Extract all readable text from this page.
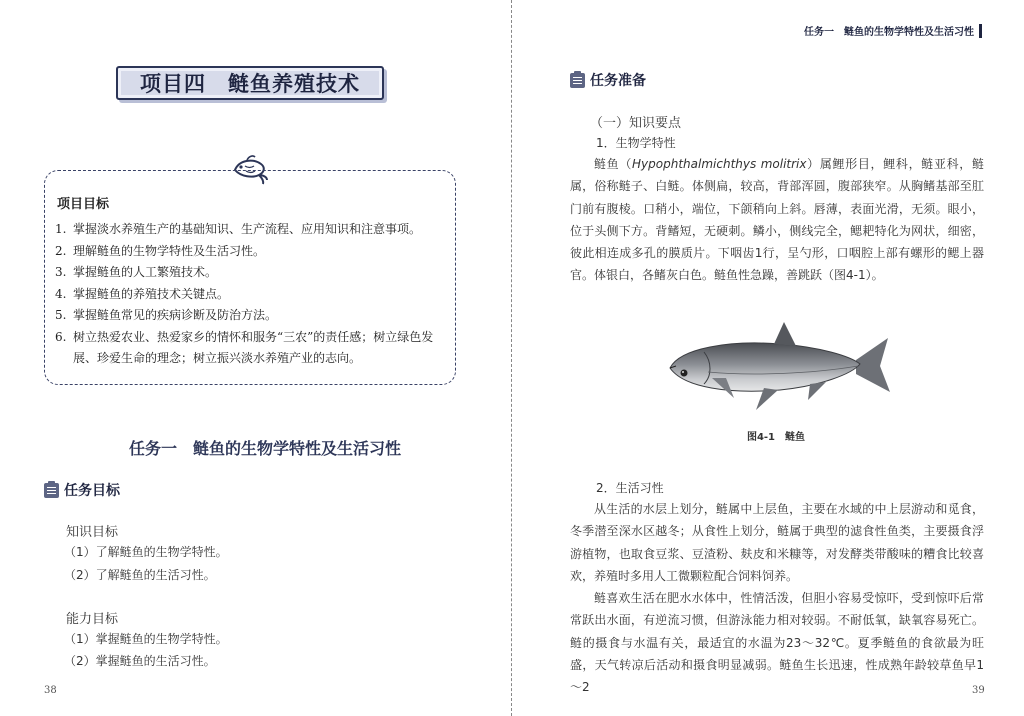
项目四　鲢鱼养殖技术
项目目标
1. 掌握淡水养殖生产的基础知识、生产流程、应用知识和注意事项。
2. 理解鲢鱼的生物学特性及生活习性。
3. 掌握鲢鱼的人工繁殖技术。
4. 掌握鲢鱼的养殖技术关键点。
5. 掌握鲢鱼常见的疾病诊断及防治方法。
6. 树立热爱农业、热爱家乡的情怀和服务“三农”的责任感；树立绿色发展、珍爱生命的理念；树立振兴淡水养殖产业的志向。
任务一　鲢鱼的生物学特性及生活习性
任务目标
知识目标
（1）了解鲢鱼的生物学特性。
（2）了解鲢鱼的生活习性。
能力目标
（1）掌握鲢鱼的生物学特性。
（2）掌握鲢鱼的生活习性。
38
任务一　鲢鱼的生物学特性及生活习性
任务准备
（一）知识要点
1．生物学特性

鲢鱼（Hypophthalmichthys molitrix）属鲤形目，鲤科，鲢亚科，鲢属，俗称鲢子、白鲢。体侧扁，较高，背部浑圆，腹部狭窄。从胸鳍基部至肛门前有腹棱。口稍小，端位，下颌稍向上斜。唇薄，表面光滑，无须。眼小，位于头侧下方。背鳍短，无硬刺。鳞小，侧线完全，鳃耙特化为网状，细密，彼此相连成多孔的膜质片。下咽齿1行，呈勺形，口咽腔上部有螺形的鳃上器官。体银白，各鳍灰白色。鲢鱼性急躁，善跳跃（图4-1）。

图4-1　鲢鱼
2．生活习性

从生活的水层上划分，鲢属中上层鱼，主要在水域的中上层游动和觅食，冬季潜至深水区越冬；从食性上划分，鲢属于典型的滤食性鱼类，主要摄食浮游植物，也取食豆浆、豆渣粉、麸皮和米糠等，对发酵类带酸味的糟食比较喜欢，养殖时多用人工微颗粒配合饲料饲养。

鲢喜欢生活在肥水水体中，性情活泼，但胆小容易受惊吓，受到惊吓后常常跃出水面，有逆流习惯，但游泳能力相对较弱。不耐低氧，缺氧容易死亡。鲢的摄食与水温有关，最适宜的水温为23～32℃。夏季鲢鱼的食欲最为旺盛，天气转凉后活动和摄食明显减弱。鲢鱼生长迅速，性成熟年龄较草鱼早1～2	39
